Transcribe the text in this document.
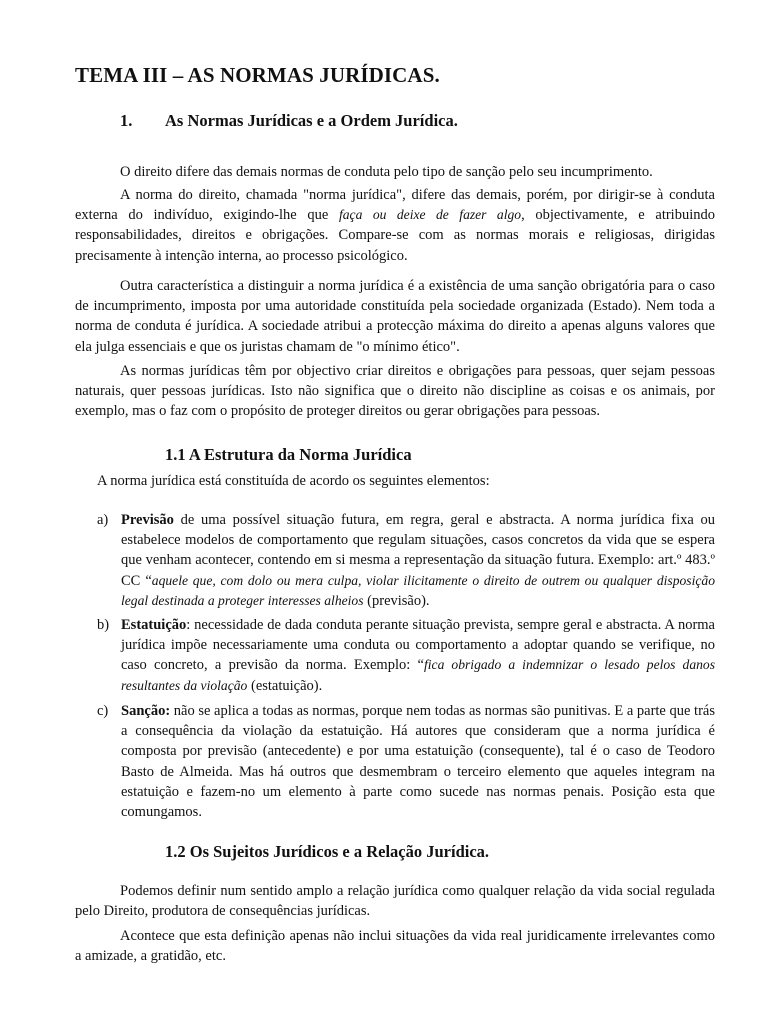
TEMA III – AS NORMAS JURÍDICAS.
1. As Normas Jurídicas e a Ordem Jurídica.

O direito difere das demais normas de conduta pelo tipo de sanção pelo seu incumprimento.

A norma do direito, chamada "norma jurídica", difere das demais, porém, por dirigir-se à conduta externa do indivíduo, exigindo-lhe que faça ou deixe de fazer algo, objectivamente, e atribuindo responsabilidades, direitos e obrigações. Compare-se com as normas morais e religiosas, dirigidas precisamente à intenção interna, ao processo psicológico.

Outra característica a distinguir a norma jurídica é a existência de uma sanção obrigatória para o caso de incumprimento, imposta por uma autoridade constituída pela sociedade organizada (Estado). Nem toda a norma de conduta é jurídica. A sociedade atribui a protecção máxima do direito a apenas alguns valores que ela julga essenciais e que os juristas chamam de "o mínimo ético".

As normas jurídicas têm por objectivo criar direitos e obrigações para pessoas, quer sejam pessoas naturais, quer pessoas jurídicas. Isto não significa que o direito não discipline as coisas e os animais, por exemplo, mas o faz com o propósito de proteger direitos ou gerar obrigações para pessoas.

1.1 A Estrutura da Norma Jurídica

A norma jurídica está constituída de acordo os seguintes elementos:

a) Previsão de uma possível situação futura, em regra, geral e abstracta. A norma jurídica fixa ou estabelece modelos de comportamento que regulam situações, casos concretos da vida que se espera que venham acontecer, contendo em si mesma a representação da situação futura. Exemplo: art.º 483.º CC “aquele que, com dolo ou mera culpa, violar ilicitamente o direito de outrem ou qualquer disposição legal destinada a proteger interesses alheios (previsão).
b) Estatuição: necessidade de dada conduta perante situação prevista, sempre geral e abstracta. A norma jurídica impõe necessariamente uma conduta ou comportamento a adoptar quando se verifique, no caso concreto, a previsão da norma. Exemplo: “fica obrigado a indemnizar o lesado pelos danos resultantes da violação (estatuição).
c) Sanção: não se aplica a todas as normas, porque nem todas as normas são punitivas. E a parte que trás a consequência da violação da estatuição. Há autores que consideram que a norma jurídica é composta por previsão (antecedente) e por uma estatuição (consequente), tal é o caso de Teodoro Basto de Almeida. Mas há outros que desmembram o terceiro elemento que aqueles integram na estatuição e fazem-no um elemento à parte como sucede nas normas penais. Posição esta que comungamos.
1.2 Os Sujeitos Jurídicos e a Relação Jurídica.

Podemos definir num sentido amplo a relação jurídica como qualquer relação da vida social regulada pelo Direito, produtora de consequências jurídicas.

Acontece que esta definição apenas não inclui situações da vida real juridicamente irrelevantes como a amizade, a gratidão, etc.
